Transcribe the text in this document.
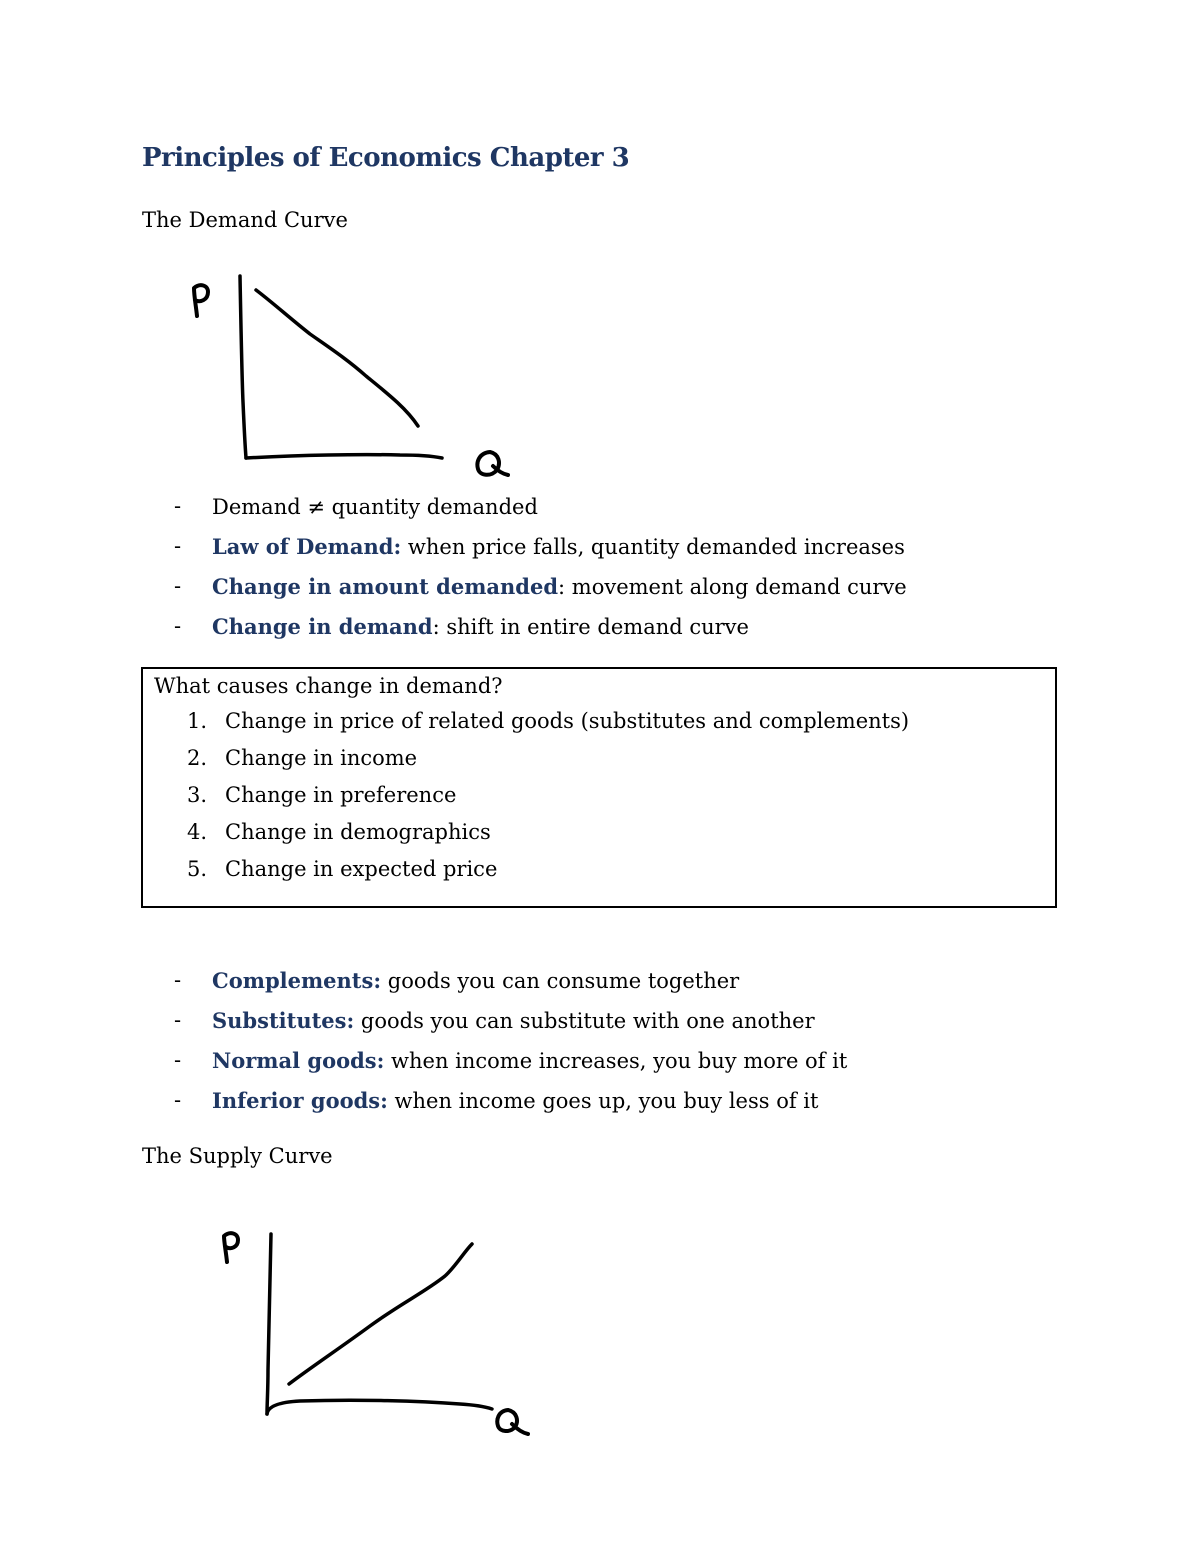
Principles of Economics Chapter 3
The Demand Curve
-	Demand ≠ quantity demanded
-	Law of Demand: when price falls, quantity demanded increases
-	Change in amount demanded: movement along demand curve
-	Change in demand: shift in entire demand curve
What causes change in demand?
1. Change in price of related goods (substitutes and complements)
2. Change in income
3. Change in preference
4. Change in demographics
5. Change in expected price
-	Complements: goods you can consume together
-	Substitutes: goods you can substitute with one another
-	Normal goods: when income increases, you buy more of it
-	Inferior goods: when income goes up, you buy less of it
The Supply Curve
